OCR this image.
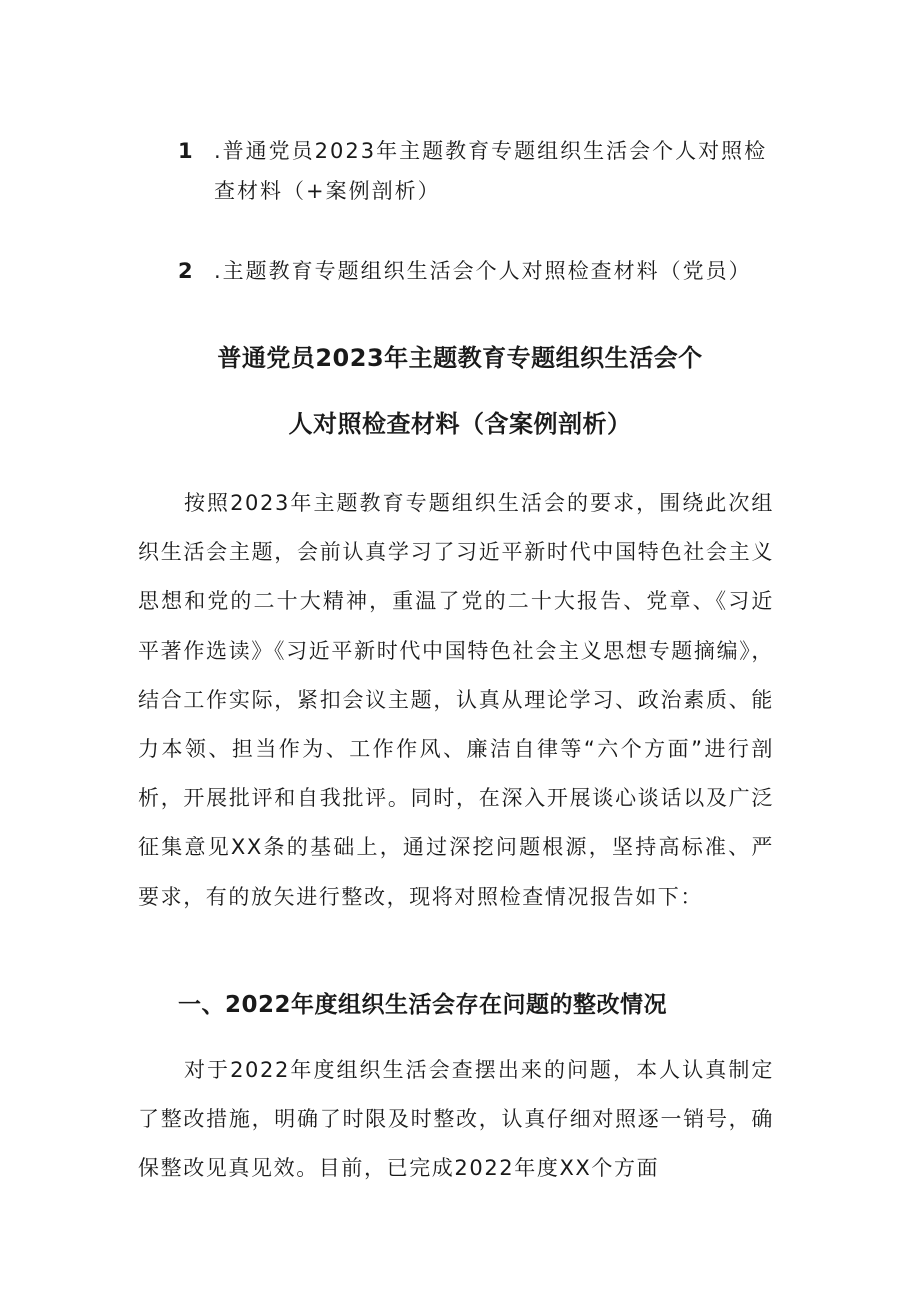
1 .普通党员2023年主题教育专题组织生活会个人对照检
查材料（+案例剖析）
2 .主题教育专题组织生活会个人对照检查材料（党员）
普通党员2023年主题教育专题组织生活会个
人对照检查材料（含案例剖析）

按照2023年主题教育专题组织生活会的要求，围绕此次组织生活会主题，会前认真学习了习近平新时代中国特色社会主义思想和党的二十大精神，重温了党的二十大报告、党章、《习近平著作选读》《习近平新时代中国特色社会主义思想专题摘编》，结合工作实际，紧扣会议主题，认真从理论学习、政治素质、能力本领、担当作为、工作作风、廉洁自律等“六个方面”进行剖析，开展批评和自我批评。同时，在深入开展谈心谈话以及广泛征集意见XX条的基础上，通过深挖问题根源，坚持高标准、严要求，有的放矢进行整改，现将对照检查情况报告如下：

一、2022年度组织生活会存在问题的整改情况

对于2022年度组织生活会查摆出来的问题，本人认真制定了整改措施，明确了时限及时整改，认真仔细对照逐一销号，确保整改见真见效。目前，已完成2022年度XX个方面
